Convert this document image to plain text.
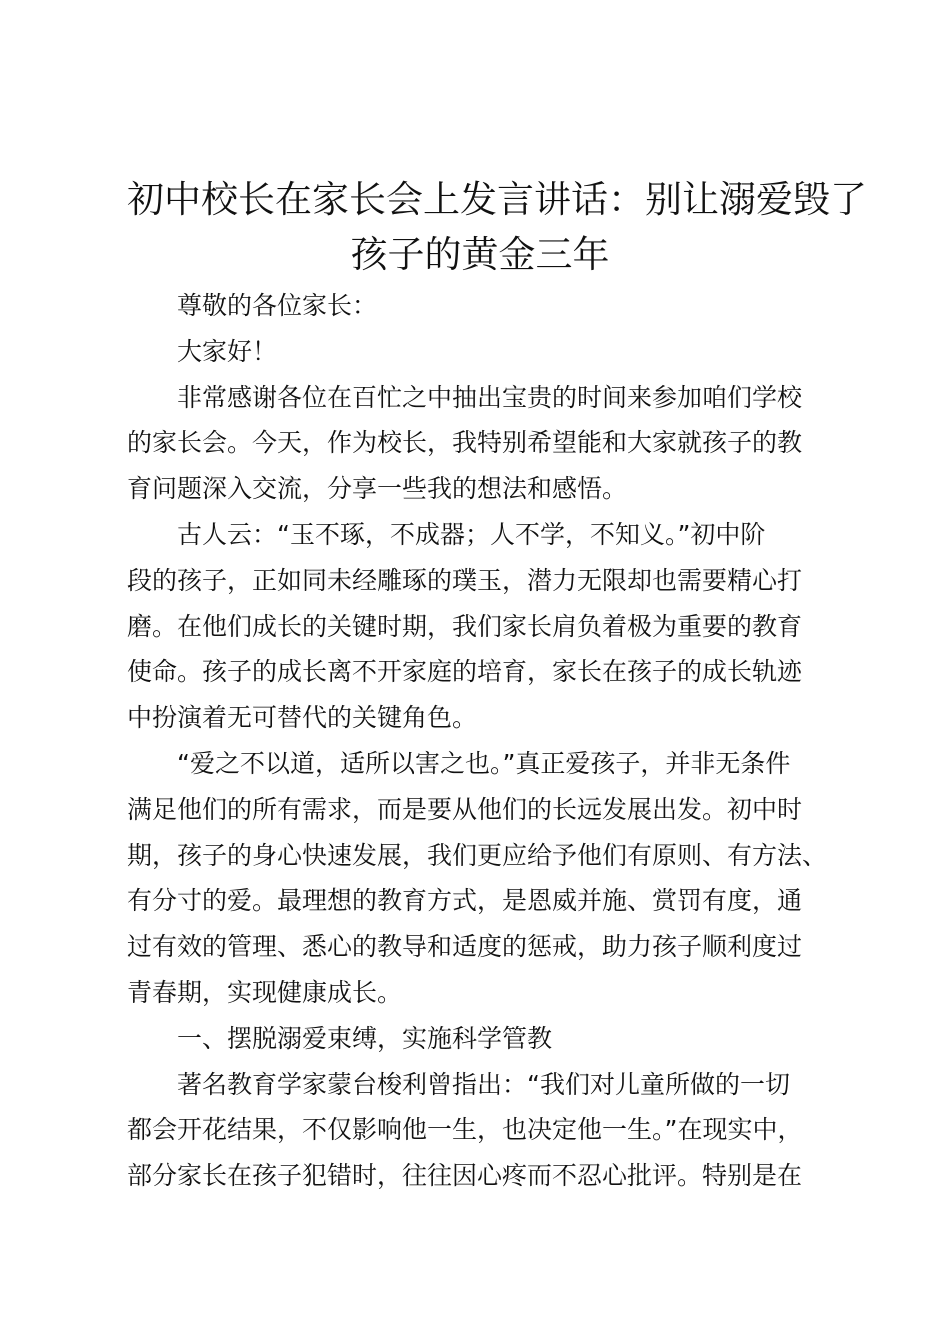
初中校长在家长会上发言讲话：别让溺爱毁了
孩子的黄金三年
尊敬的各位家长：
大家好！
非常感谢各位在百忙之中抽出宝贵的时间来参加咱们学校
的家长会。今天，作为校长，我特别希望能和大家就孩子的教
育问题深入交流，分享一些我的想法和感悟。
古人云：“玉不琢，不成器；人不学，不知义。”初中阶
段的孩子，正如同未经雕琢的璞玉，潜力无限却也需要精心打
磨。在他们成长的关键时期，我们家长肩负着极为重要的教育
使命。孩子的成长离不开家庭的培育，家长在孩子的成长轨迹
中扮演着无可替代的关键角色。
“爱之不以道，适所以害之也。”真正爱孩子，并非无条件
满足他们的所有需求，而是要从他们的长远发展出发。初中时
期，孩子的身心快速发展，我们更应给予他们有原则、有方法、
有分寸的爱。最理想的教育方式，是恩威并施、赏罚有度，通
过有效的管理、悉心的教导和适度的惩戒，助力孩子顺利度过
青春期，实现健康成长。
一、摆脱溺爱束缚，实施科学管教
著名教育学家蒙台梭利曾指出：“我们对儿童所做的一切
都会开花结果，不仅影响他一生，也决定他一生。”在现实中，
部分家长在孩子犯错时，往往因心疼而不忍心批评。特别是在
